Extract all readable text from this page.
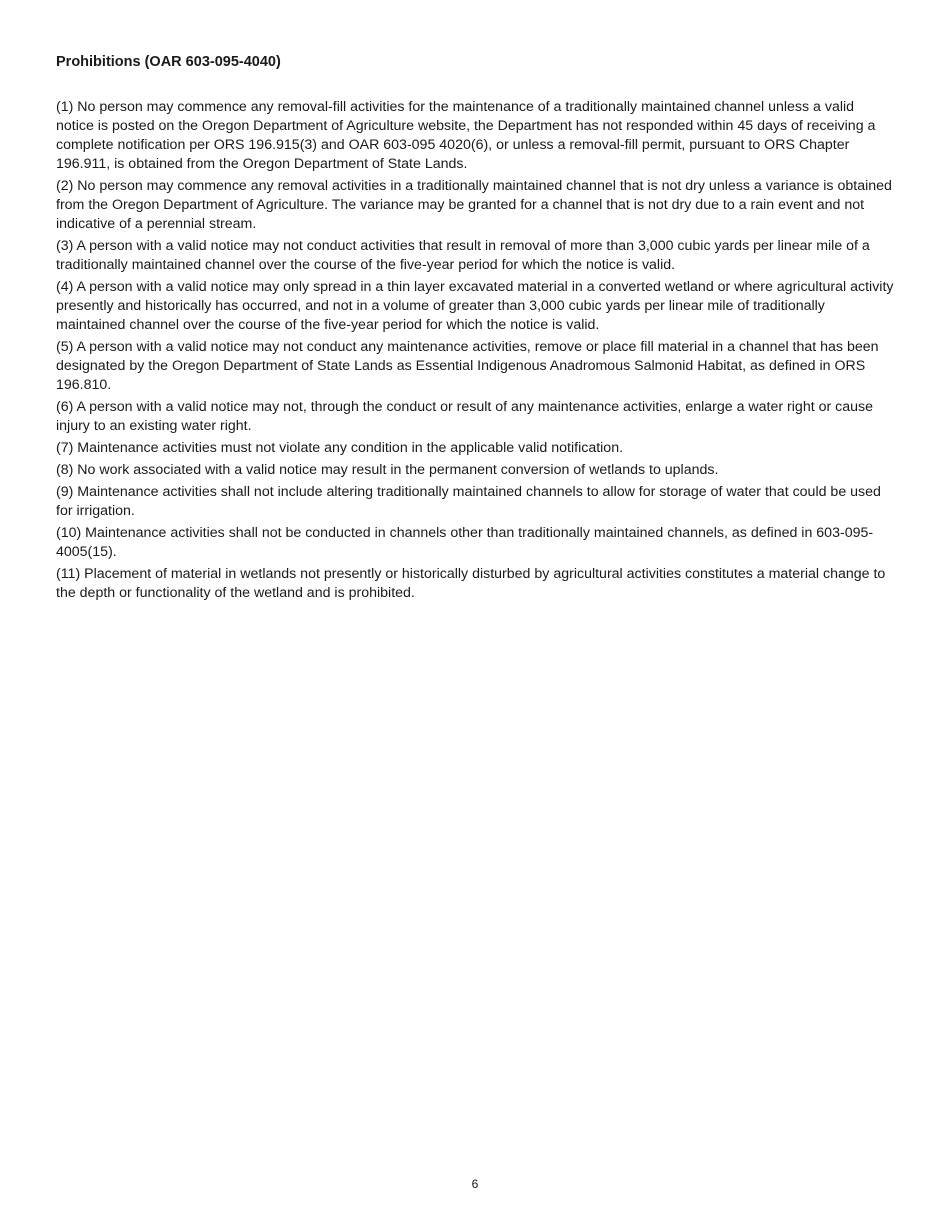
Prohibitions (OAR 603-095-4040)

(1) No person may commence any removal-fill activities for the maintenance of a traditionally maintained channel unless a valid notice is posted on the Oregon Department of Agriculture website, the Department has not responded within 45 days of receiving a complete notification per ORS 196.915(3) and OAR 603-095 4020(6), or unless a removal-fill permit, pursuant to ORS Chapter 196.911, is obtained from the Oregon Department of State Lands.

(2) No person may commence any removal activities in a traditionally maintained channel that is not dry unless a variance is obtained from the Oregon Department of Agriculture. The variance may be granted for a channel that is not dry due to a rain event and not indicative of a perennial stream.

(3) A person with a valid notice may not conduct activities that result in removal of more than 3,000 cubic yards per linear mile of a traditionally maintained channel over the course of the five-year period for which the notice is valid.

(4) A person with a valid notice may only spread in a thin layer excavated material in a converted wetland or where agricultural activity presently and historically has occurred, and not in a volume of greater than 3,000 cubic yards per linear mile of traditionally maintained channel over the course of the five-year period for which the notice is valid.

(5) A person with a valid notice may not conduct any maintenance activities, remove or place fill material in a channel that has been designated by the Oregon Department of State Lands as Essential Indigenous Anadromous Salmonid Habitat, as defined in ORS 196.810.

(6) A person with a valid notice may not, through the conduct or result of any maintenance activities, enlarge a water right or cause injury to an existing water right.

(7) Maintenance activities must not violate any condition in the applicable valid notification.

(8) No work associated with a valid notice may result in the permanent conversion of wetlands to uplands.

(9) Maintenance activities shall not include altering traditionally maintained channels to allow for storage of water that could be used for irrigation.

(10) Maintenance activities shall not be conducted in channels other than traditionally maintained channels, as defined in 603-095-4005(15).

(11) Placement of material in wetlands not presently or historically disturbed by agricultural activities constitutes a material change to the depth or functionality of the wetland and is prohibited.

6
